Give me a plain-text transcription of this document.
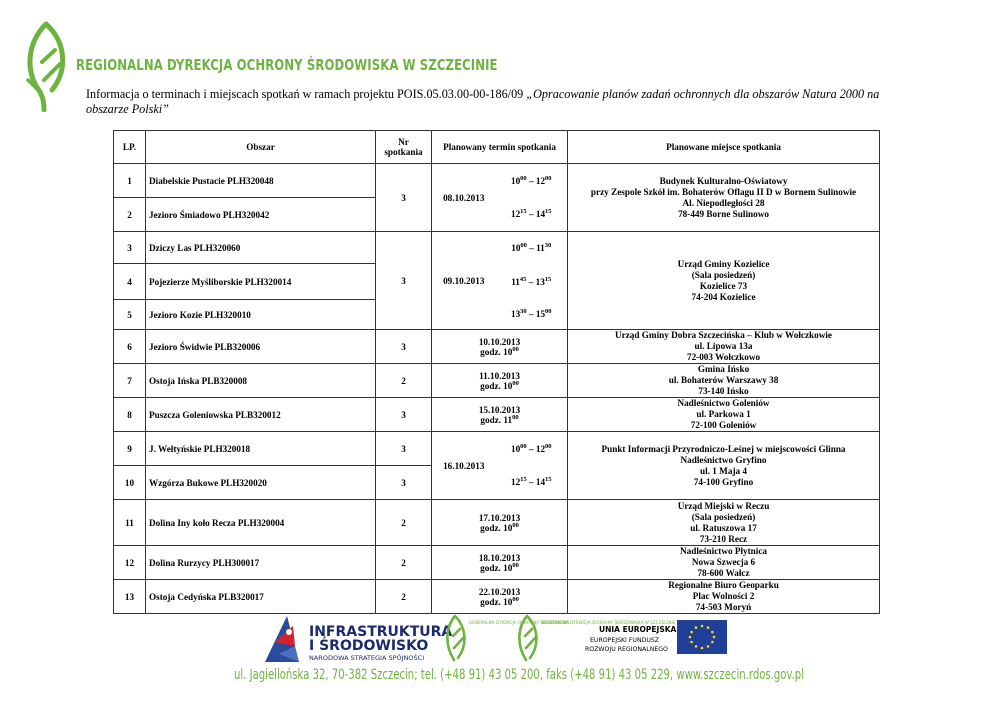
REGIONALNA DYREKCJA OCHRONY ŚRODOWISKA W SZCZECINIE
Informacja o terminach i miejscach spotkań w ramach projektu POIS.05.03.00-00-186/09 „Opracowanie planów zadań ochronnych dla obszarów Natura 2000 na obszarze Polski”
LP.	Obszar	Nr spotkania	Planowany termin spotkania		Planowane miejsce spotkania
1	Diabelskie Pustacie PLH320048	3	08.10.2013	$10^{00} - 12^{00}$	Budynek Kulturalno-Oświatowy
przy Zespole Szkół im. Bohaterów Oflagu II D w Bornem Sulinowie
Al. Niepodległości 28
78-449 Borne Sulinowo
2	Jezioro Śmiadowo PLH320042			$12^{15} - 14^{15}$
3	Dziczy Las PLH320060	3	09.10.2013	$10^{00} - 11^{30}$	Urząd Gminy Kozielice
(Sala posiedzeń)
Kozielice 73
74-204 Kozielice
4	Pojezierze Myśliborskie PLH320014			$11^{45} - 13^{15}$
5	Jezioro Kozie PLH320010			$13^{30} - 15^{00}$
6	Jezioro Świdwie PLB320006	3	10.10.2013
godz. $10^{00}$		Urząd Gminy Dobra Szczecińska – Klub w Wołczkowie
ul. Lipowa 13a
72-003 Wołczkowo
7	Ostoja Ińska PLB320008	2	11.10.2013
godz. $10^{00}$		Gmina Ińsko
ul. Bohaterów Warszawy 38
73-140 Ińsko
8	Puszcza Goleniowska PLB320012	3	15.10.2013
godz. $11^{00}$		Nadleśnictwo Goleniów
ul. Parkowa 1
72-100 Goleniów
9	J. Wełtyńskie PLH320018	3	16.10.2013	$10^{00} - 12^{00}$	Punkt Informacji Przyrodniczo-Leśnej w miejscowości Glinna
Nadleśnictwo Gryfino
ul. 1 Maja 4
74-100 Gryfino
10	Wzgórza Bukowe PLH320020	3		$12^{15} - 14^{15}$
11	Dolina Iny koło Recza PLH320004	2	17.10.2013
godz. $10^{00}$		Urząd Miejski w Reczu
(Sala posiedzeń)
ul. Ratuszowa 17
73-210 Recz
12	Dolina Rurzycy PLH300017	2	18.10.2013
godz. $10^{00}$		Nadleśnictwo Płytnica
Nowa Szwecja 6
78-600 Wałcz
13	Ostoja Cedyńska PLB320017	2	22.10.2013
godz. $10^{00}$		Regionalne Biuro Geoparku
Plac Wolności 2
74-503 Moryń
INFRASTRUKTURA
I ŚRODOWISKO
NARODOWA STRATEGIA SPÓJNOŚCI
GENERALNA DYREKCJA OCHRONY ŚRODOWISKA
REGIONALNA DYREKCJA OCHRONY ŚRODOWISKA W SZCZECINIE
UNIA EUROPEJSKA
EUROPEJSKI FUNDUSZ
ROZWOJU REGIONALNEGO
ul. Jagiellońska 32, 70-382 Szczecin; tel. (+48 91) 43 05 200, faks (+48 91) 43 05 229, www.szczecin.rdos.gov.pl
